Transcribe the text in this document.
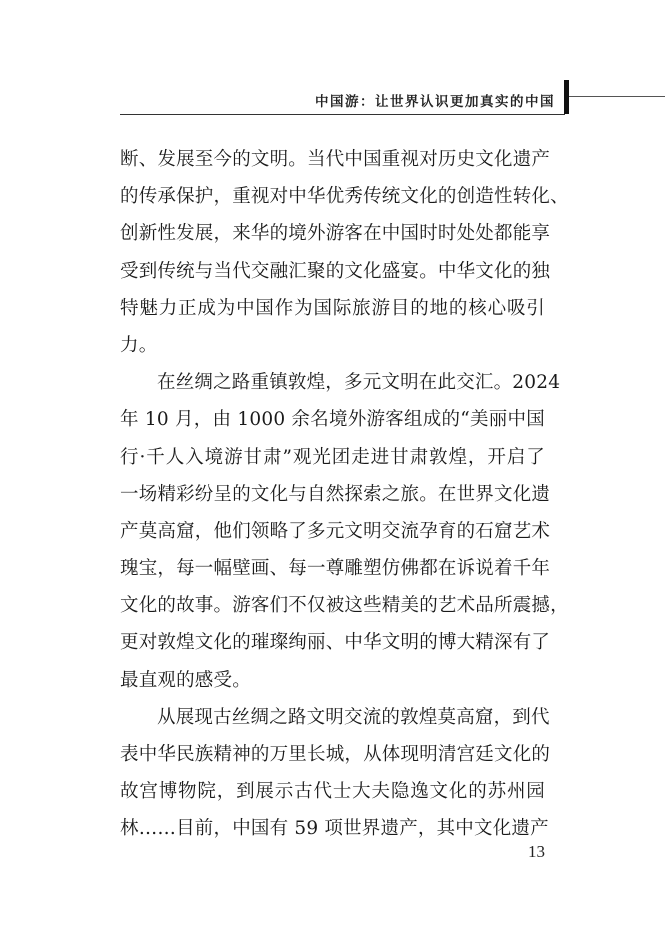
中国游：让世界认识更加真实的中国
断、发展至今的文明。当代中国重视对历史文化遗产
的传承保护，重视对中华优秀传统文化的创造性转化、
创新性发展，来华的境外游客在中国时时处处都能享
受到传统与当代交融汇聚的文化盛宴。中华文化的独
特魅力正成为中国作为国际旅游目的地的核心吸引
力。
在丝绸之路重镇敦煌，多元文明在此交汇。2024
年 10 月，由 1000 余名境外游客组成的“美丽中国
行·千人入境游甘肃”观光团走进甘肃敦煌，开启了
一场精彩纷呈的文化与自然探索之旅。在世界文化遗
产莫高窟，他们领略了多元文明交流孕育的石窟艺术
瑰宝，每一幅壁画、每一尊雕塑仿佛都在诉说着千年
文化的故事。游客们不仅被这些精美的艺术品所震撼，
更对敦煌文化的璀璨绚丽、中华文明的博大精深有了
最直观的感受。
从展现古丝绸之路文明交流的敦煌莫高窟，到代
表中华民族精神的万里长城，从体现明清宫廷文化的
故宫博物院，到展示古代士大夫隐逸文化的苏州园
林……目前，中国有 59 项世界遗产，其中文化遗产
13
